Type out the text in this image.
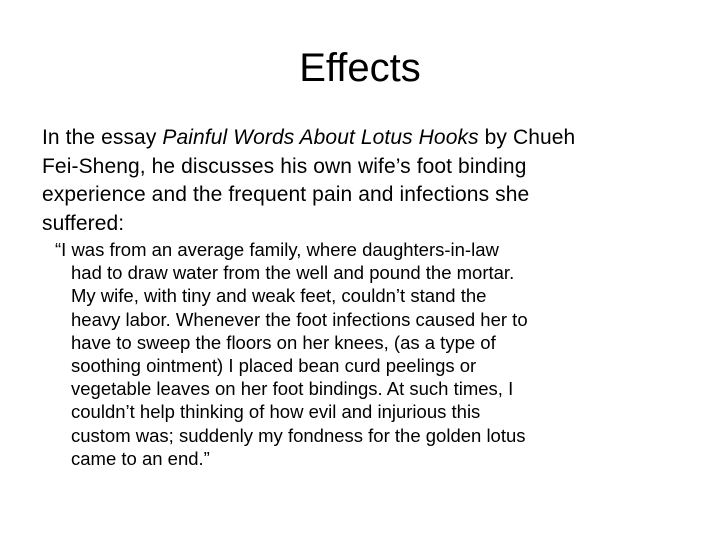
Effects

In the essay Painful Words About Lotus Hooks by Chueh
Fei-Sheng, he discusses his own wife’s foot binding
experience and the frequent pain and infections she
suffered:

“I was from an average family, where daughters-in-law
had to draw water from the well and pound the mortar.
My wife, with tiny and weak feet, couldn’t stand the
heavy labor. Whenever the foot infections caused her to
have to sweep the floors on her knees, (as a type of
soothing ointment) I placed bean curd peelings or
vegetable leaves on her foot bindings. At such times, I
couldn’t help thinking of how evil and injurious this
custom was; suddenly my fondness for the golden lotus
came to an end.”
